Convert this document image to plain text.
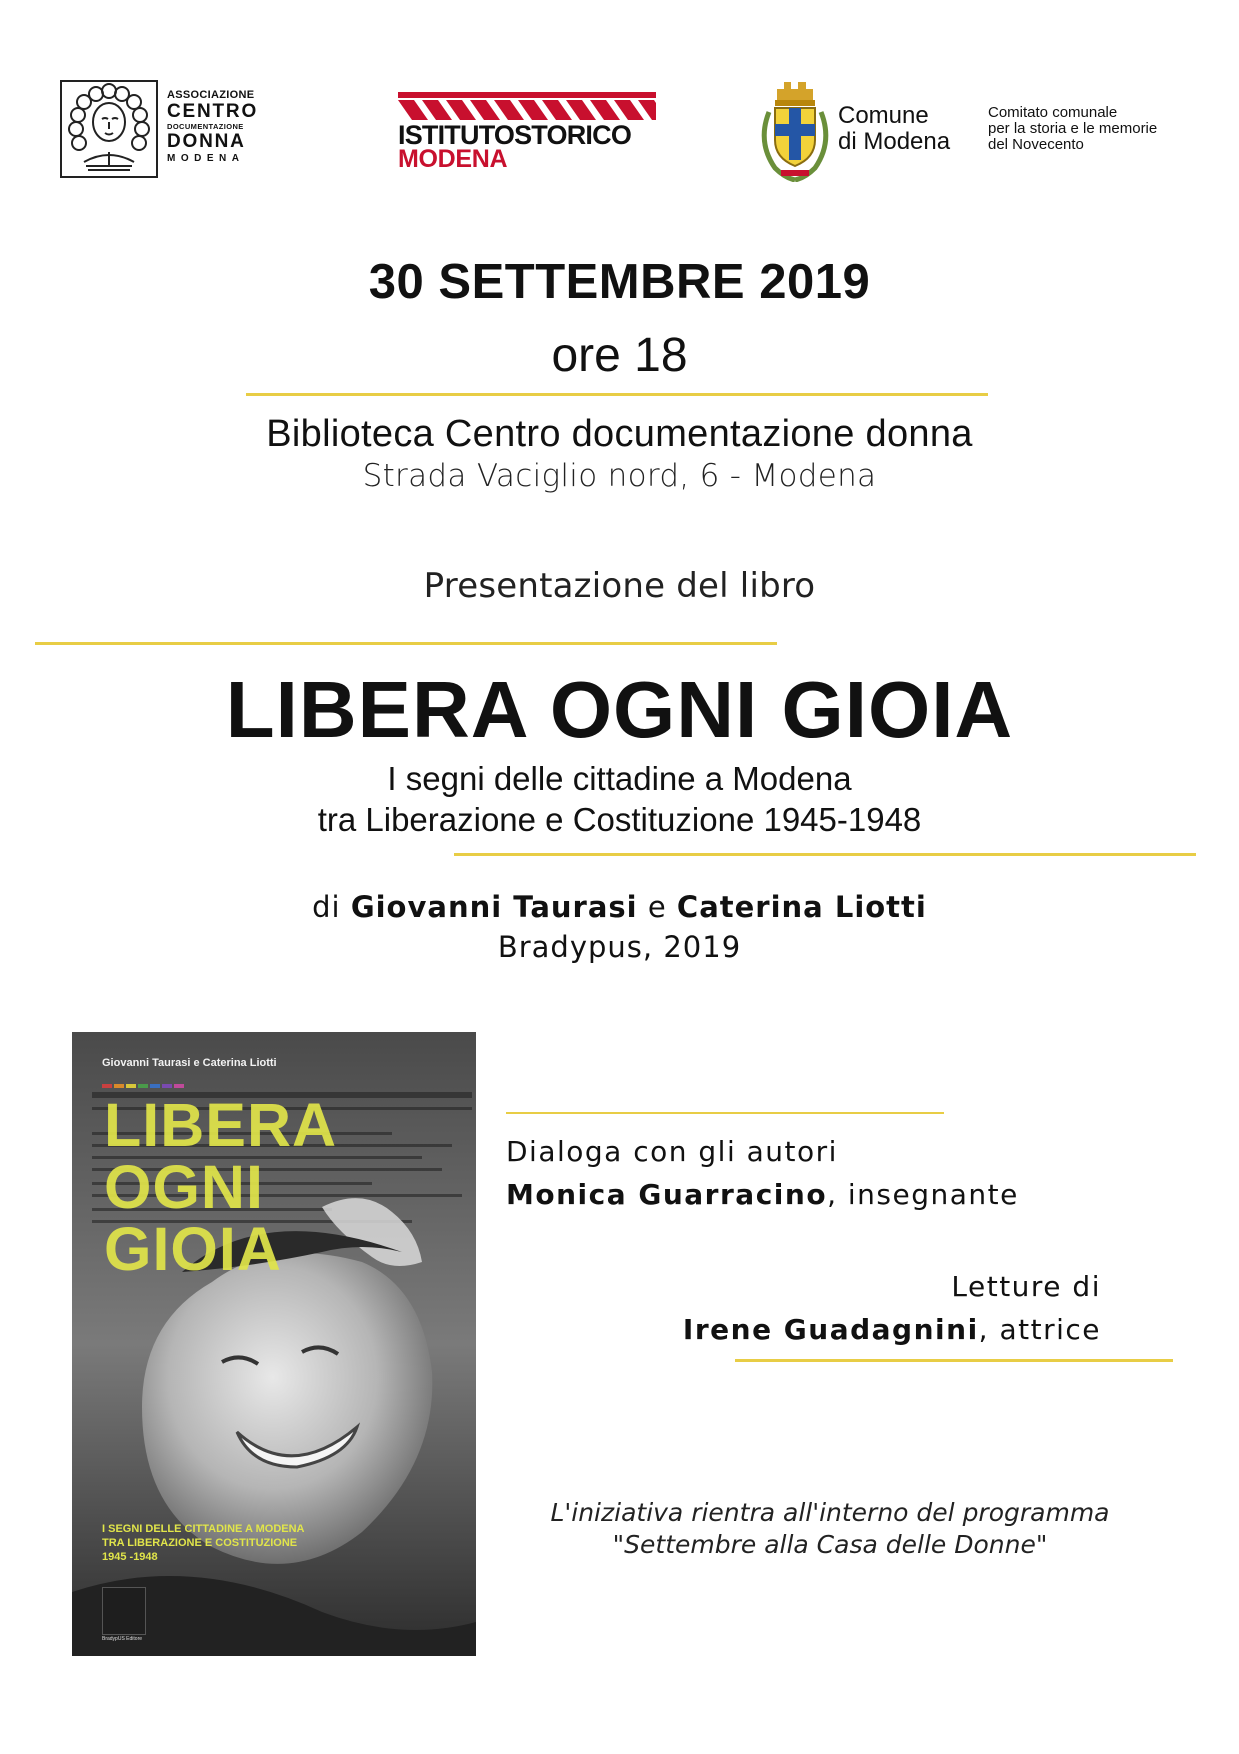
ASSOCIAZIONE
CENTRO
DOCUMENTAZIONE
DONNA
MODENA
ISTITUTOSTORICO
MODENA
Comune
di Modena
Comitato comunale
per la storia e le memorie
del Novecento
30 SETTEMBRE 2019
ore 18
Biblioteca Centro documentazione donna
Strada Vaciglio nord, 6 - Modena
Presentazione del libro
LIBERA OGNI GIOIA
I segni delle cittadine a Modena
tra Liberazione e Costituzione 1945-1948
di Giovanni Taurasi e Caterina Liotti
Bradypus, 2019
Giovanni Taurasi e Caterina Liotti
LIBERA
OGNI
GIOIA
I SEGNI DELLE CITTADINE A MODENA
TRA LIBERAZIONE E COSTITUZIONE
1945 -1948
BradypUS Editore
Dialoga con gli autori
Monica Guarracino, insegnante
Letture di
Irene Guadagnini, attrice
L'iniziativa rientra all'interno del programma
"Settembre alla Casa delle Donne"
